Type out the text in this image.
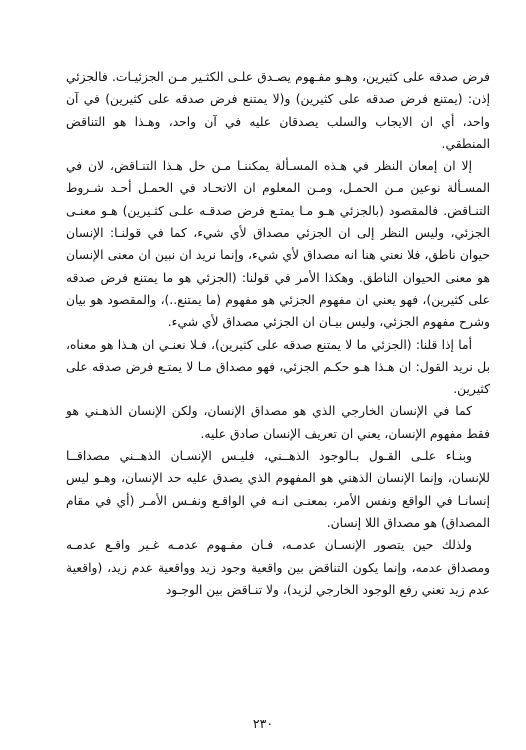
فرض صدقه على كثيرين، وهـو مفـهوم يصـدق علـى الكثـير مـن الجزئيـات. فالجزئي إذن: (يمتنع فرض صدقه على كثيرين) و(لا يمتنع فرض صدقه على كثيرين) في آن واحد، أي ان الايجاب والسلب يصدقان عليه في آن واحد، وهـذا هو التناقض المنطقي.

إلا ان إمعان النظر في هـذه المسـألة يمكننـا مـن حل هـذا التنـاقض، لان في المسـألة نوعين مـن الحمـل، ومـن المعلوم ان الاتحـاد في الحمـل أحـد شـروط التنـاقض. فالمقصود (بالجزئي هـو مـا يمتـع فرض صدقـه علـى كثـيرين) هـو معنـى الجزئي، وليس النظر إلى ان الجزئي مصداق لأي شيء، كما في قولنـا: الإنسان حيوان ناطق، فلا نعني هنا انه مصداق لأي شيء، وإنما نريد ان نبين ان معنى الإنسان هو معنى الحيوان الناطق. وهكذا الأمر في قولنا: (الجزئي هو ما يمتنع فرض صدقه على كثيرين)، فهو يعني ان مفهوم الجزئي هو مفهوم (ما يمتنع..)، والمقصود هو بيان وشرح مفهوم الجزئي، وليس بيـان ان الجزئي مصداق لأي شيء.

أما إذا قلنا: (الجزئي ما لا يمتنع صدقه على كثيرين)، فـلا نعنـي ان هـذا هو معناه، بل نريد القول: ان هـذا هـو حكـم الجزئي، فهو مصداق مـا لا يمتـع فرض صدقه على كثيرين.

كما في الإنسان الخارجي الذي هو مصداق الإنسان، ولكن الإنسان الذهـني هو فقط مفهوم الإنسان، يعني ان تعريف الإنسان صادق عليه.

وبنـاء علـى القـول بـالوجود الذهــني، فليـس الإنسـان الذهــني مصداقــا للإنسان، وإنما الإنسان الذهني هو المفهوم الذي يصدق عليه حد الإنسان، وهـو ليس إنسانـا في الواقع ونفس الأمر، بمعنـى انـه في الواقـع ونفـس الأمـر (أي في مقام المصداق) هو مصداق اللا إنسان.

ولذلك حين يتصور الإنسـان عدمـه، فـان مفـهوم عدمـه غـير واقـع عدمـه ومصداق عدمه، وإنما يكون التناقض بين واقعية وجود زيد وواقعية عدم زيد، (واقعية عدم زيد تعني رفع الوجود الخارجي لزيد)، ولا تنـاقض بين الوجـود

٢٣٠
